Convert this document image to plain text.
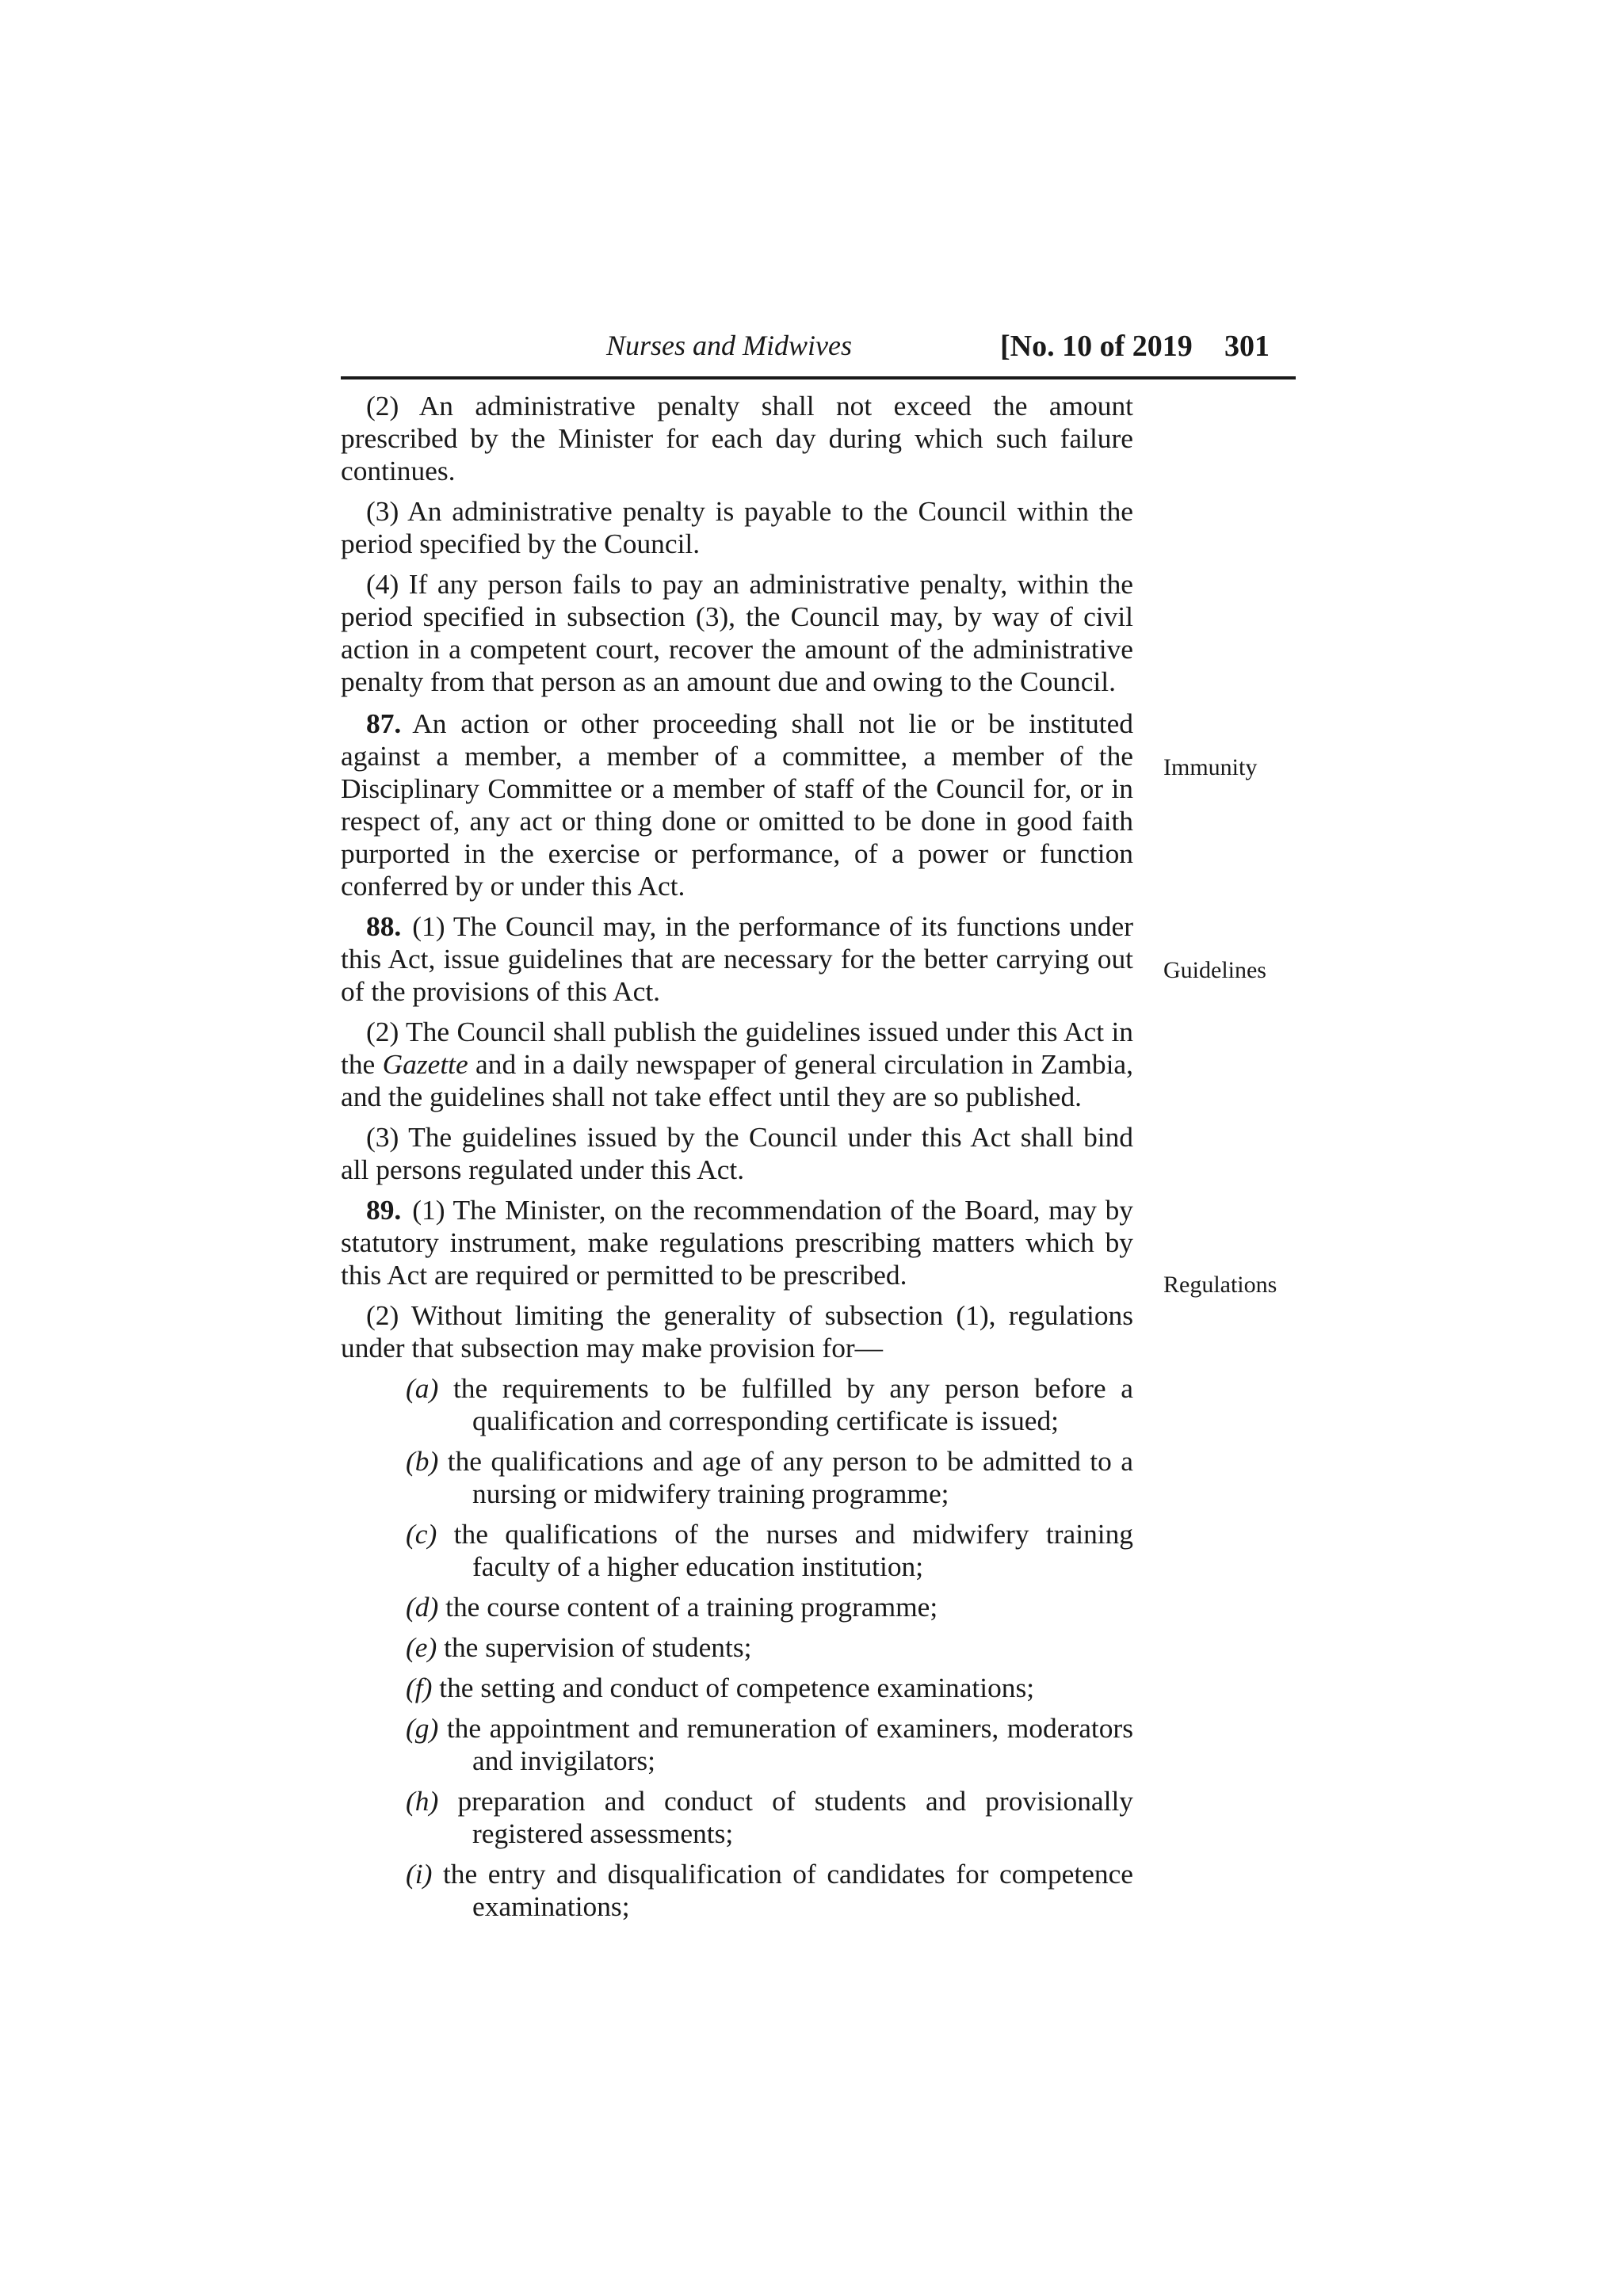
Nurses and Midwives	[No. 10 of 2019 301

(2) An administrative penalty shall not exceed the amount prescribed by the Minister for each day during which such failure continues.

(3) An administrative penalty is payable to the Council within the period specified by the Council.

(4) If any person fails to pay an administrative penalty, within the period specified in subsection (3), the Council may, by way of civil action in a competent court, recover the amount of the administrative penalty from that person as an amount due and owing to the Council.

87. An action or other proceeding shall not lie or be instituted against a member, a member of a committee, a member of the Disciplinary Committee or a member of staff of the Council for, or in respect of, any act or thing done or omitted to be done in good faith purported in the exercise or performance, of a power or function conferred by or under this Act.

88. (1) The Council may, in the performance of its functions under this Act, issue guidelines that are necessary for the better carrying out of the provisions of this Act.

(2) The Council shall publish the guidelines issued under this Act in the Gazette and in a daily newspaper of general circulation in Zambia, and the guidelines shall not take effect until they are so published.

(3) The guidelines issued by the Council under this Act shall bind all persons regulated under this Act.

89. (1) The Minister, on the recommendation of the Board, may by statutory instrument, make regulations prescribing matters which by this Act are required or permitted to be prescribed.

(2) Without limiting the generality of subsection (1), regulations under that subsection may make provision for—

(a) the requirements to be fulfilled by any person before a qualification and corresponding certificate is issued;
(b) the qualifications and age of any person to be admitted to a nursing or midwifery training programme;
(c) the qualifications of the nurses and midwifery training faculty of a higher education institution;
(d) the course content of a training programme;
(e) the supervision of students;
(f) the setting and conduct of competence examinations;
(g) the appointment and remuneration of examiners, moderators and invigilators;
(h) preparation and conduct of students and provisionally registered assessments;
(i) the entry and disqualification of candidates for competence examinations;
Immunity
Guidelines
Regulations
